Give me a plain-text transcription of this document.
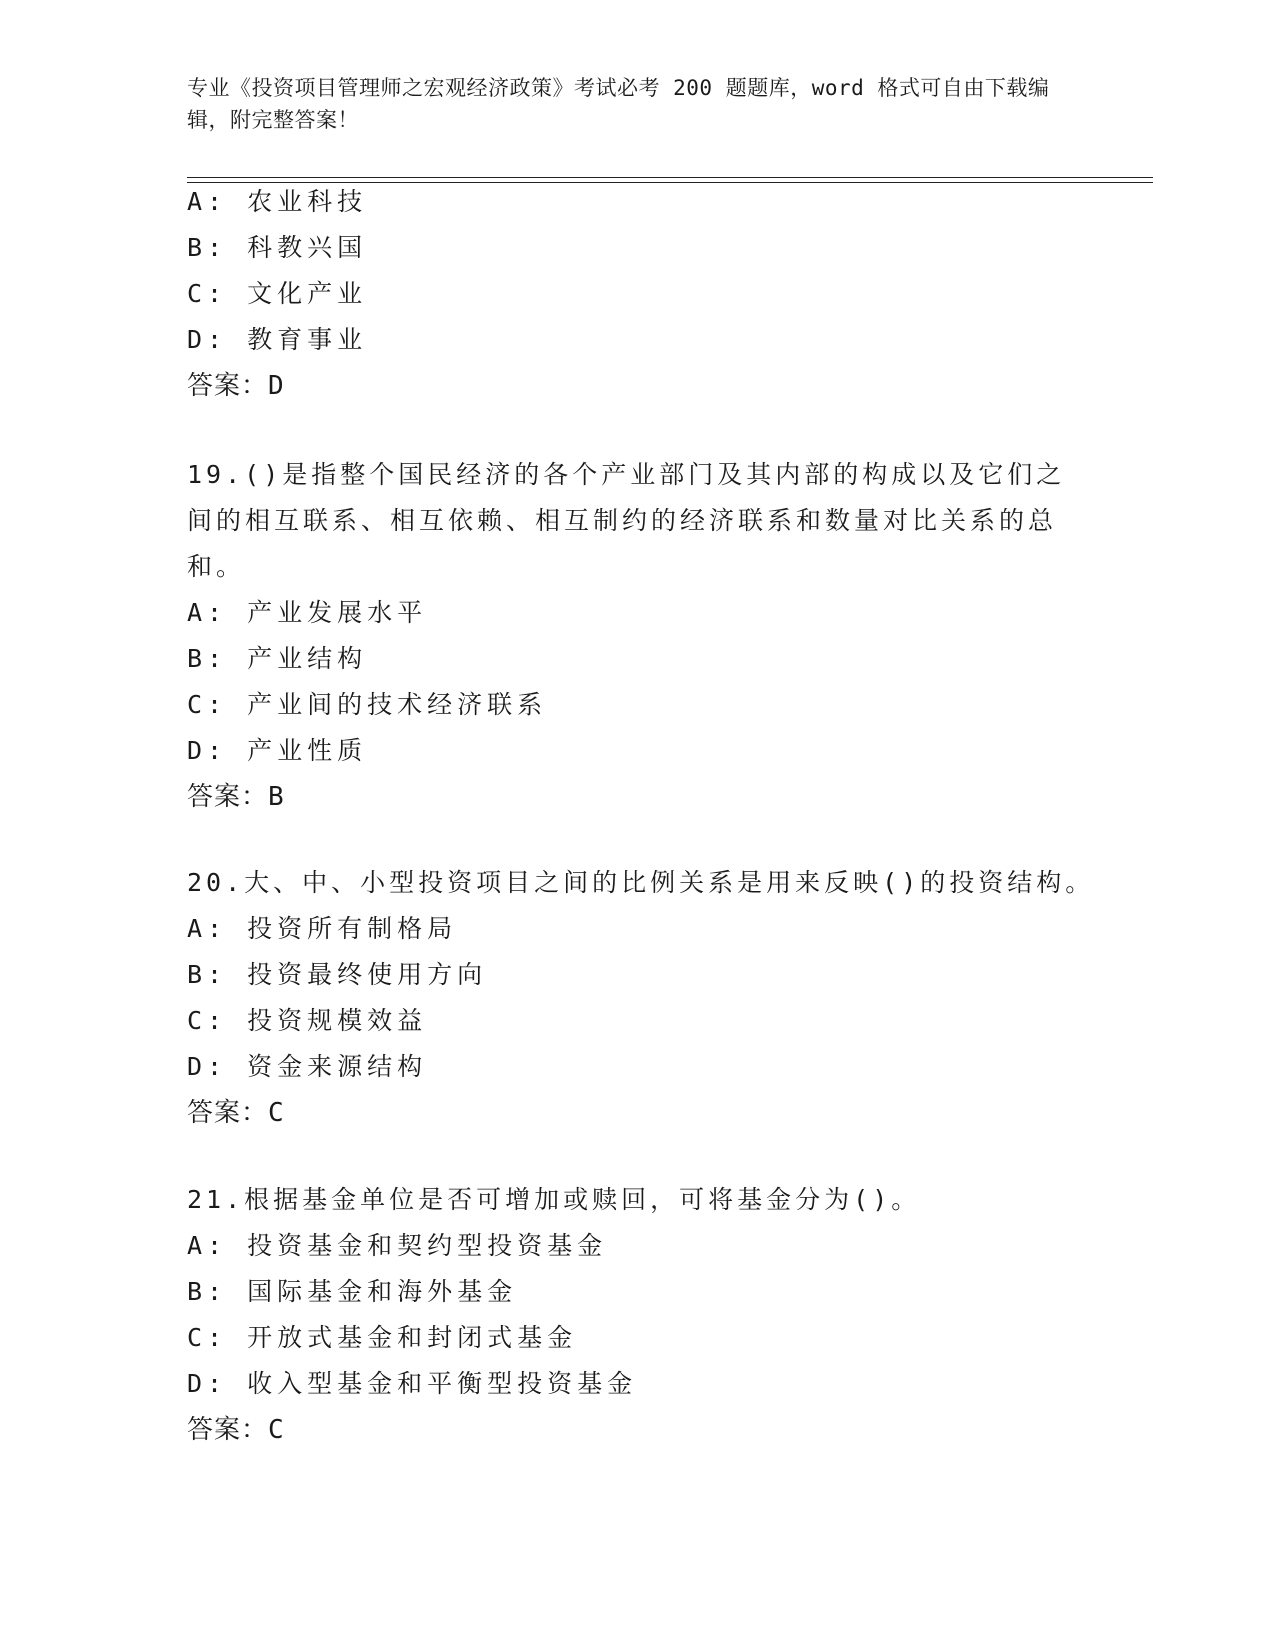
专业《投资项目管理师之宏观经济政策》考试必考 200 题题库，word 格式可自由下载编辑，附完整答案！
A: 农业科技
B: 科教兴国
C: 文化产业
D: 教育事业
答案：D
19.()是指整个国民经济的各个产业部门及其内部的构成以及它们之间的相互联系、相互依赖、相互制约的经济联系和数量对比关系的总和。
A: 产业发展水平
B: 产业结构
C: 产业间的技术经济联系
D: 产业性质
答案：B
20.大、中、小型投资项目之间的比例关系是用来反映()的投资结构。
A: 投资所有制格局
B: 投资最终使用方向
C: 投资规模效益
D: 资金来源结构
答案：C
21.根据基金单位是否可增加或赎回，可将基金分为()。
A: 投资基金和契约型投资基金
B: 国际基金和海外基金
C: 开放式基金和封闭式基金
D: 收入型基金和平衡型投资基金
答案：C
